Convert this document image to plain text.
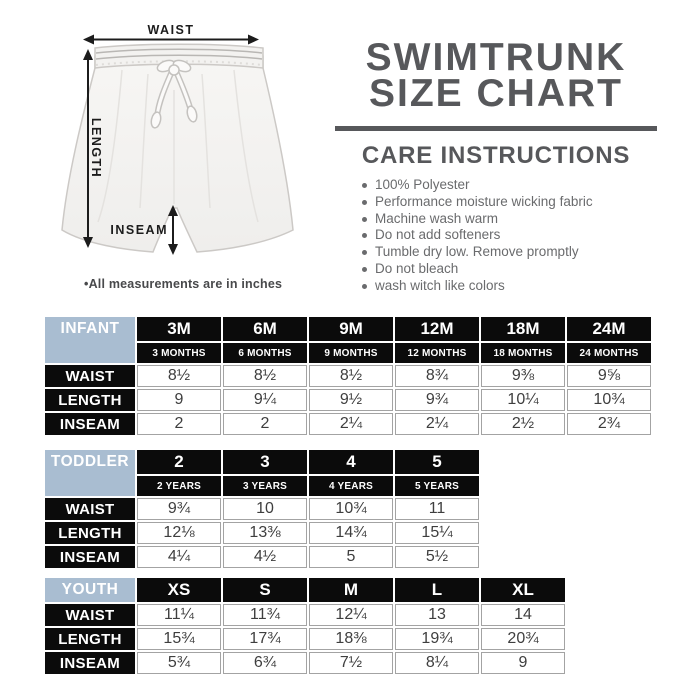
WAIST
LENGTH
INSEAM
•All measurements are in inches
SWIMTRUNK
SIZE CHART
CARE INSTRUCTIONS
100% Polyester
Performance moisture wicking fabric
Machine wash warm
Do not add softeners
Tumble dry low. Remove promptly
Do not bleach
wash witch like colors
INFANT	3M	6M	9M	12M	18M	24M
	3 MONTHS	6 MONTHS	9 MONTHS	12 MONTHS	18 MONTHS	24 MONTHS
WAIST	8½	8½	8½	8¾	9⅜	9⅝
LENGTH	9	9¼	9½	9¾	10¼	10¾
INSEAM	2	2	2¼	2¼	2½	2¾
TODDLER	2	3	4	5
	2 YEARS	3 YEARS	4 YEARS	5 YEARS
WAIST	9¾	10	10¾	11
LENGTH	12⅛	13⅜	14¾	15¼
INSEAM	4¼	4½	5	5½
YOUTH	XS	S	M	L	XL
WAIST	11¼	11¾	12¼	13	14
LENGTH	15¾	17¾	18⅜	19¾	20¾
INSEAM	5¾	6¾	7½	8¼	9
